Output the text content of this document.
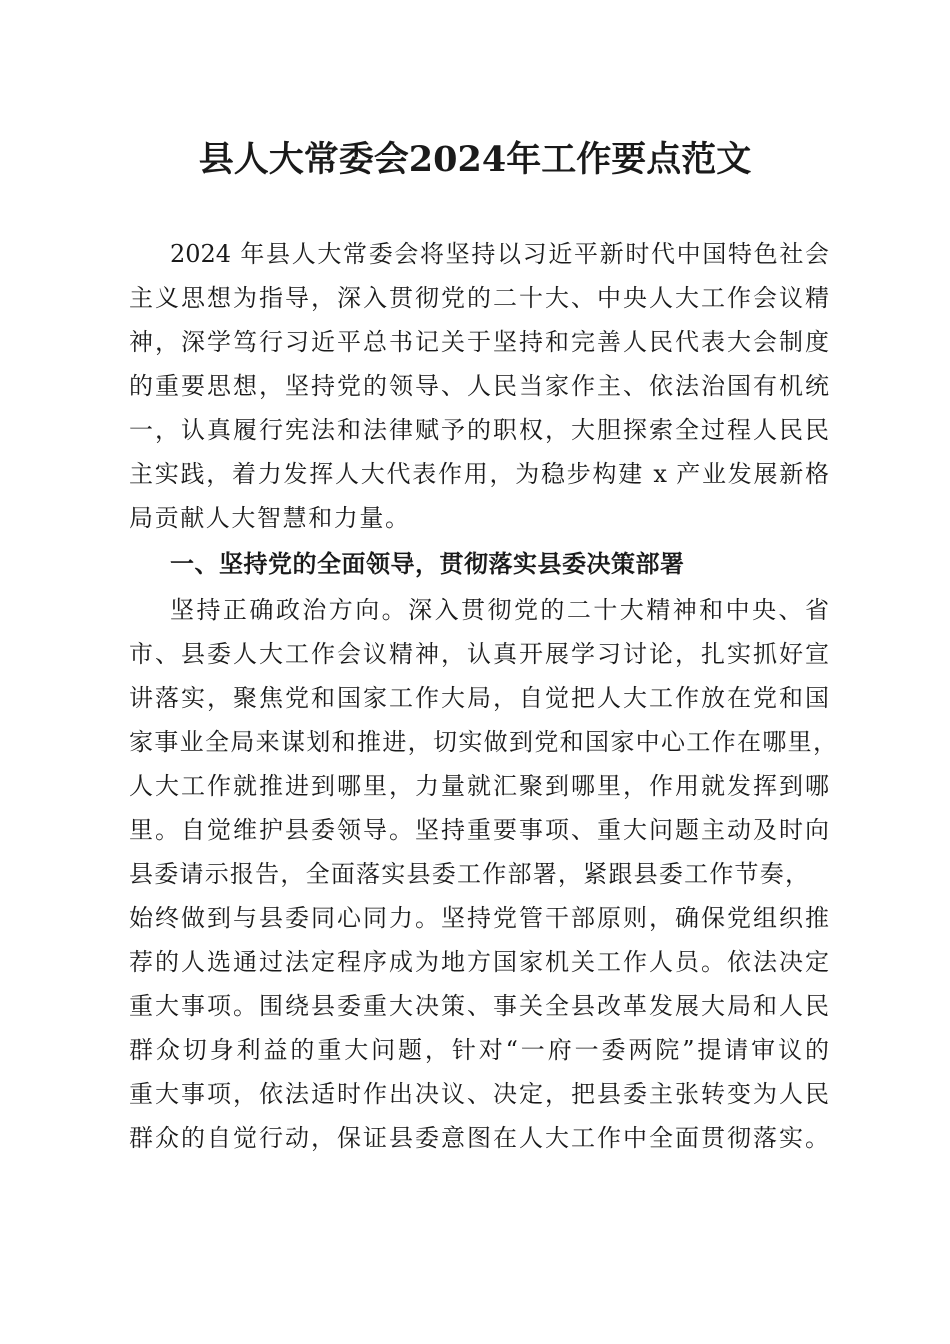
县人大常委会2024年工作要点范文
2024 年县人大常委会将坚持以习近平新时代中国特色社会
主义思想为指导，深入贯彻党的二十大、中央人大工作会议精
神，深学笃行习近平总书记关于坚持和完善人民代表大会制度
的重要思想，坚持党的领导、人民当家作主、依法治国有机统
一，认真履行宪法和法律赋予的职权，大胆探索全过程人民民
主实践，着力发挥人大代表作用，为稳步构建 x 产业发展新格
局贡献人大智慧和力量。
一、坚持党的全面领导，贯彻落实县委决策部署
坚持正确政治方向。深入贯彻党的二十大精神和中央、省
市、县委人大工作会议精神，认真开展学习讨论，扎实抓好宣
讲落实，聚焦党和国家工作大局，自觉把人大工作放在党和国
家事业全局来谋划和推进，切实做到党和国家中心工作在哪里，
人大工作就推进到哪里，力量就汇聚到哪里，作用就发挥到哪
里。自觉维护县委领导。坚持重要事项、重大问题主动及时向
县委请示报告，全面落实县委工作部署，紧跟县委工作节奏，
始终做到与县委同心同力。坚持党管干部原则，确保党组织推
荐的人选通过法定程序成为地方国家机关工作人员。依法决定
重大事项。围绕县委重大决策、事关全县改革发展大局和人民
群众切身利益的重大问题，针对“一府一委两院”提请审议的
重大事项，依法适时作出决议、决定，把县委主张转变为人民
群众的自觉行动，保证县委意图在人大工作中全面贯彻落实。
